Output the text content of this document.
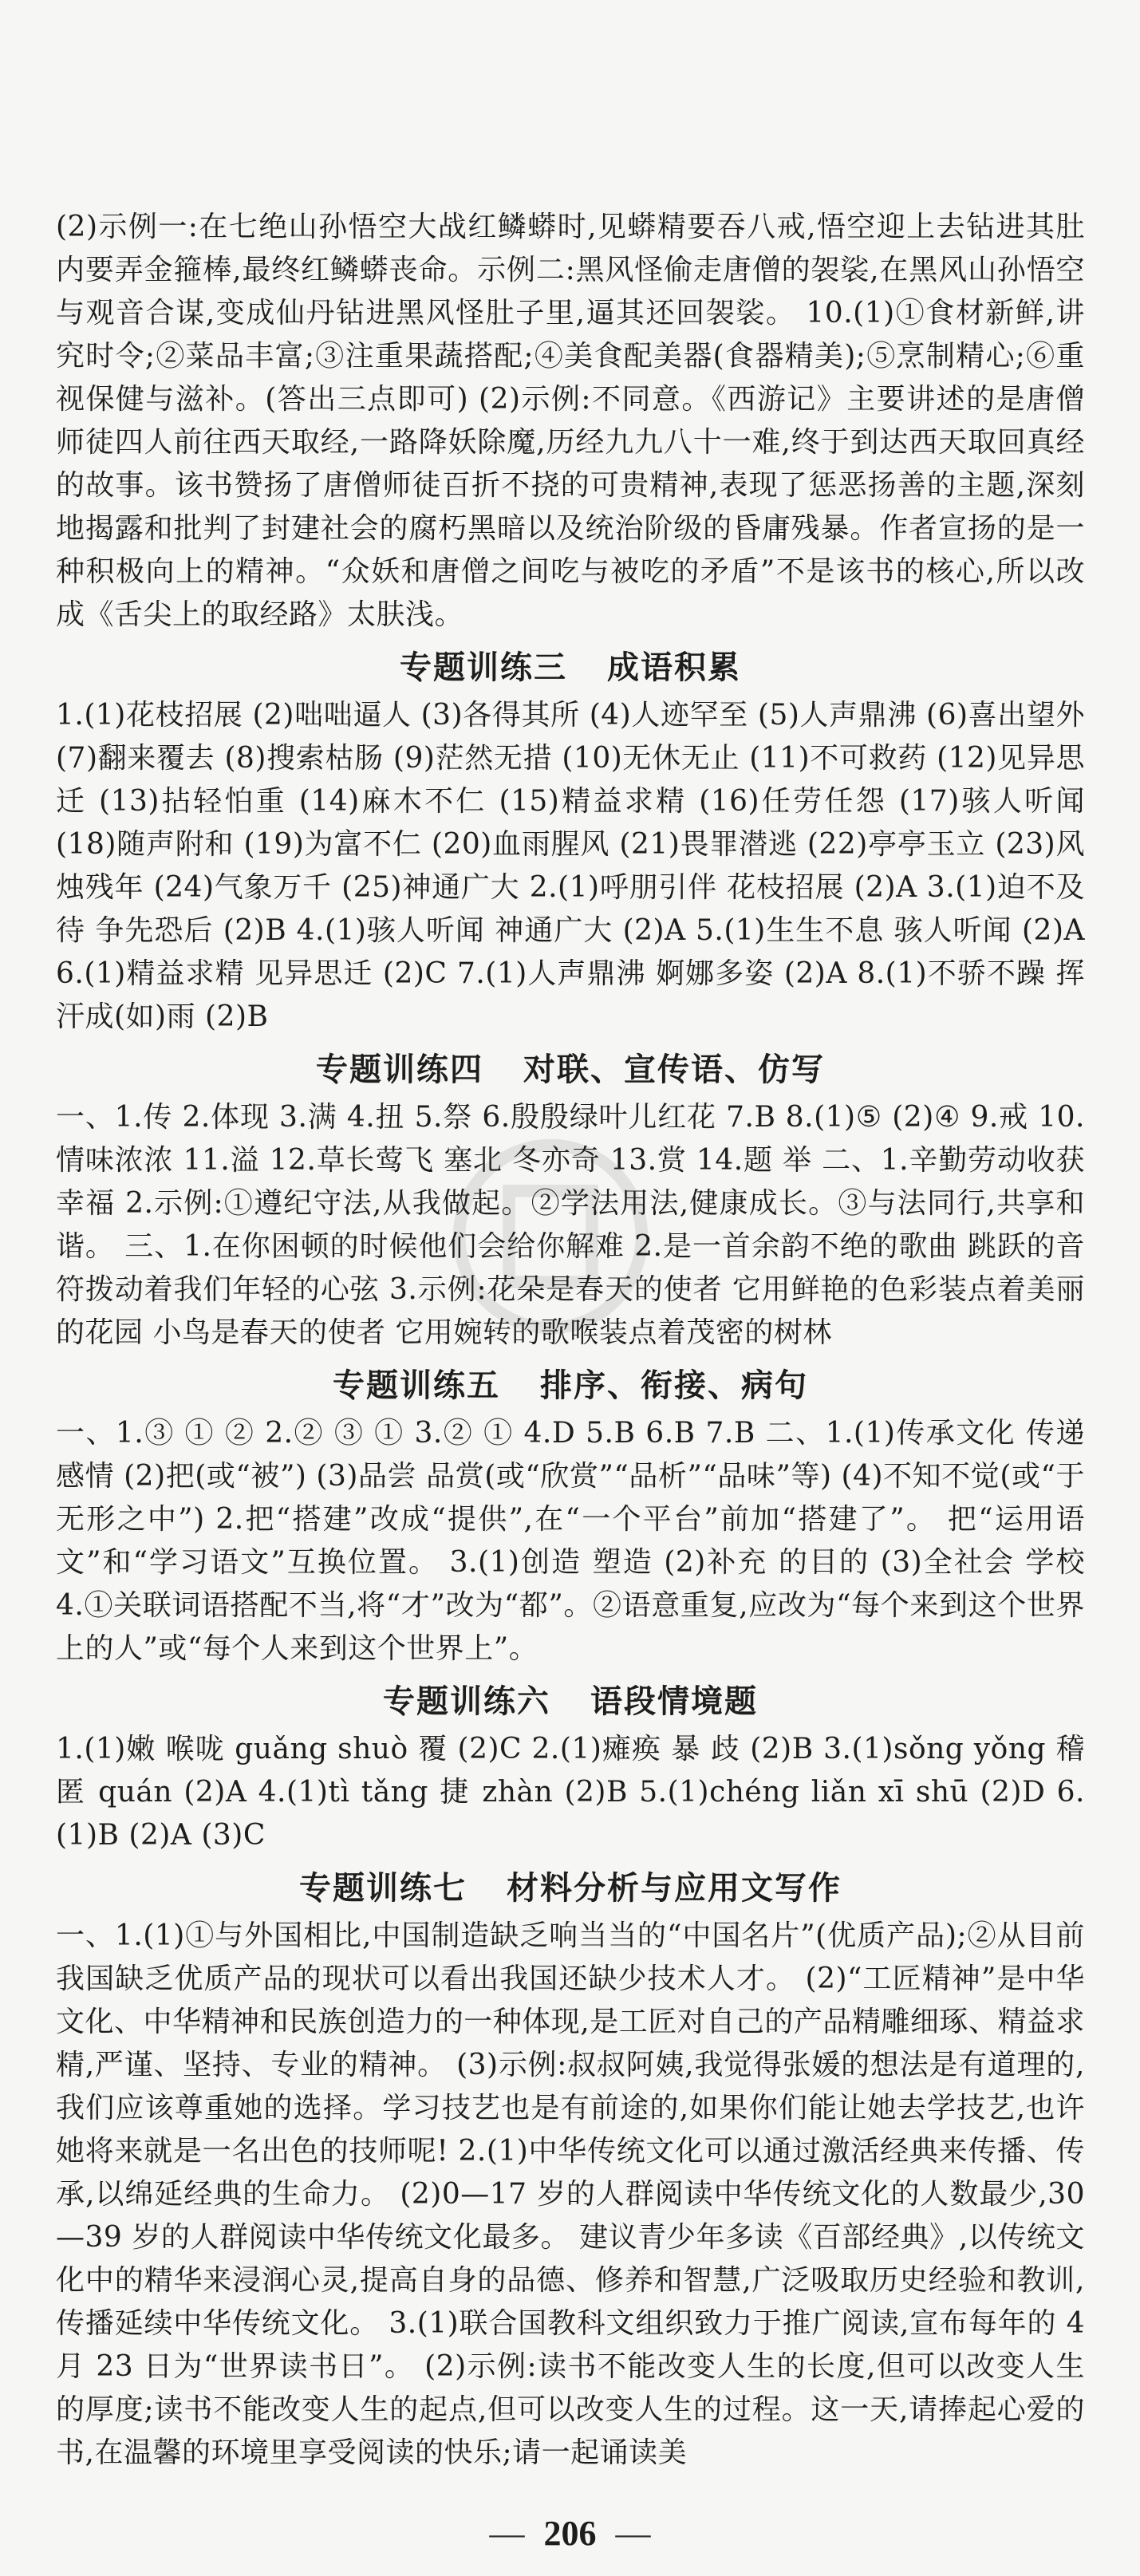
(2)示例一:在七绝山孙悟空大战红鳞蟒时,见蟒精要吞八戒,悟空迎上去钻进其肚内要弄金箍棒,最终红鳞蟒丧命。示例二:黑风怪偷走唐僧的袈裟,在黑风山孙悟空与观音合谋,变成仙丹钻进黑风怪肚子里,逼其还回袈裟。 10.(1)①食材新鲜,讲究时令;②菜品丰富;③注重果蔬搭配;④美食配美器(食器精美);⑤烹制精心;⑥重视保健与滋补。(答出三点即可) (2)示例:不同意。《西游记》主要讲述的是唐僧师徒四人前往西天取经,一路降妖除魔,历经九九八十一难,终于到达西天取回真经的故事。该书赞扬了唐僧师徒百折不挠的可贵精神,表现了惩恶扬善的主题,深刻地揭露和批判了封建社会的腐朽黑暗以及统治阶级的昏庸残暴。作者宣扬的是一种积极向上的精神。“众妖和唐僧之间吃与被吃的矛盾”不是该书的核心,所以改成《舌尖上的取经路》太肤浅。

专题训练三 成语积累

1.(1)花枝招展 (2)咄咄逼人 (3)各得其所 (4)人迹罕至 (5)人声鼎沸 (6)喜出望外 (7)翻来覆去 (8)搜索枯肠 (9)茫然无措 (10)无休无止 (11)不可救药 (12)见异思迁 (13)拈轻怕重 (14)麻木不仁 (15)精益求精 (16)任劳任怨 (17)骇人听闻 (18)随声附和 (19)为富不仁 (20)血雨腥风 (21)畏罪潜逃 (22)亭亭玉立 (23)风烛残年 (24)气象万千 (25)神通广大 2.(1)呼朋引伴 花枝招展 (2)A 3.(1)迫不及待 争先恐后 (2)B 4.(1)骇人听闻 神通广大 (2)A 5.(1)生生不息 骇人听闻 (2)A 6.(1)精益求精 见异思迁 (2)C 7.(1)人声鼎沸 婀娜多姿 (2)A 8.(1)不骄不躁 挥汗成(如)雨 (2)B

专题训练四 对联、宣传语、仿写

一、1.传 2.体现 3.满 4.扭 5.祭 6.殷殷绿叶儿红花 7.B 8.(1)⑤ (2)④ 9.戒 10.情味浓浓 11.溢 12.草长莺飞 塞北 冬亦奇 13.赏 14.题 举 二、1.辛勤劳动收获幸福 2.示例:①遵纪守法,从我做起。②学法用法,健康成长。③与法同行,共享和谐。 三、1.在你困顿的时候他们会给你解难 2.是一首余韵不绝的歌曲 跳跃的音符拨动着我们年轻的心弦 3.示例:花朵是春天的使者 它用鲜艳的色彩装点着美丽的花园 小鸟是春天的使者 它用婉转的歌喉装点着茂密的树林

专题训练五 排序、衔接、病句

一、1.③ ① ② 2.② ③ ① 3.② ① 4.D 5.B 6.B 7.B 二、1.(1)传承文化 传递感情 (2)把(或“被”) (3)品尝 品赏(或“欣赏”“品析”“品味”等) (4)不知不觉(或“于无形之中”) 2.把“搭建”改成“提供”,在“一个平台”前加“搭建了”。 把“运用语文”和“学习语文”互换位置。 3.(1)创造 塑造 (2)补充 的目的 (3)全社会 学校 4.①关联词语搭配不当,将“才”改为“都”。②语意重复,应改为“每个来到这个世界上的人”或“每个人来到这个世界上”。

专题训练六 语段情境题

1.(1)嫩 喉咙 guǎng shuò 覆 (2)C 2.(1)瘫痪 暴 歧 (2)B 3.(1)sǒng yǒng 稽 匿 quán (2)A 4.(1)tì tǎng 捷 zhàn (2)B 5.(1)chéng liǎn xī shū (2)D 6.(1)B (2)A (3)C

专题训练七 材料分析与应用文写作

一、1.(1)①与外国相比,中国制造缺乏响当当的“中国名片”(优质产品);②从目前我国缺乏优质产品的现状可以看出我国还缺少技术人才。 (2)“工匠精神”是中华文化、中华精神和民族创造力的一种体现,是工匠对自己的产品精雕细琢、精益求精,严谨、坚持、专业的精神。 (3)示例:叔叔阿姨,我觉得张媛的想法是有道理的,我们应该尊重她的选择。学习技艺也是有前途的,如果你们能让她去学技艺,也许她将来就是一名出色的技师呢! 2.(1)中华传统文化可以通过激活经典来传播、传承,以绵延经典的生命力。 (2)0—17 岁的人群阅读中华传统文化的人数最少,30—39 岁的人群阅读中华传统文化最多。 建议青少年多读《百部经典》,以传统文化中的精华来浸润心灵,提高自身的品德、修养和智慧,广泛吸取历史经验和教训,传播延续中华传统文化。 3.(1)联合国教科文组织致力于推广阅读,宣布每年的 4 月 23 日为“世界读书日”。 (2)示例:读书不能改变人生的长度,但可以改变人生的厚度;读书不能改变人生的起点,但可以改变人生的过程。这一天,请捧起心爱的书,在温馨的环境里享受阅读的快乐;请一起诵读美

— 206 —
